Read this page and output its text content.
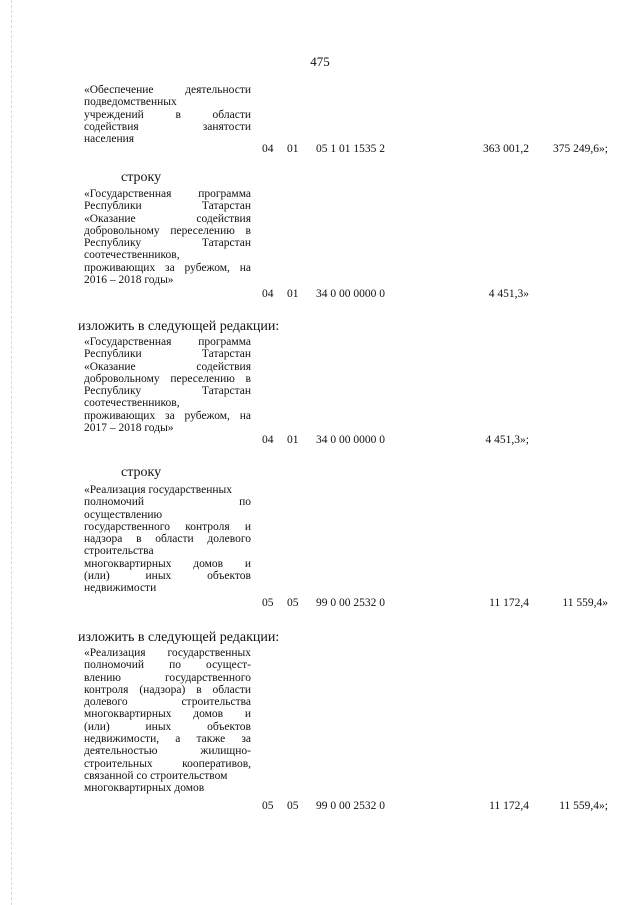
475
«Обеспечение деятельности
подведомственных
учреждений в области
содействия занятости
населения
04 01 05 1 01 1535 2	363 001,2 375 249,6»;
строку
«Государственная программа
Республики Татарстан
«Оказание содействия
добровольному переселению в
Республику Татарстан
соотечественников,
проживающих за рубежом, на
2016 – 2018 годы»
04 01 34 0 00 0000 0	4 451,3»
изложить в следующей редакции:
«Государственная программа
Республики Татарстан
«Оказание содействия
добровольному переселению в
Республику Татарстан
соотечественников,
проживающих за рубежом, на
2017 – 2018 годы»
04 01 34 0 00 0000 0	4 451,3»;
строку
«Реализация государственных
полномочий по
осуществлению
государственного контроля и
надзора в области долевого
строительства
многоквартирных домов и
(или) иных объектов
недвижимости
05 05 99 0 00 2532 0	11 172,4	11 559,4»
изложить в следующей редакции:
«Реализация государственных
полномочий по осущест-
влению государственного
контроля (надзора) в области
долевого строительства
многоквартирных домов и
(или) иных объектов
недвижимости, а также за
деятельностью жилищно-
строительных кооперативов,
связанной со строительством
многоквартирных домов
05 05 99 0 00 2532 0	11 172,4	11 559,4»;
